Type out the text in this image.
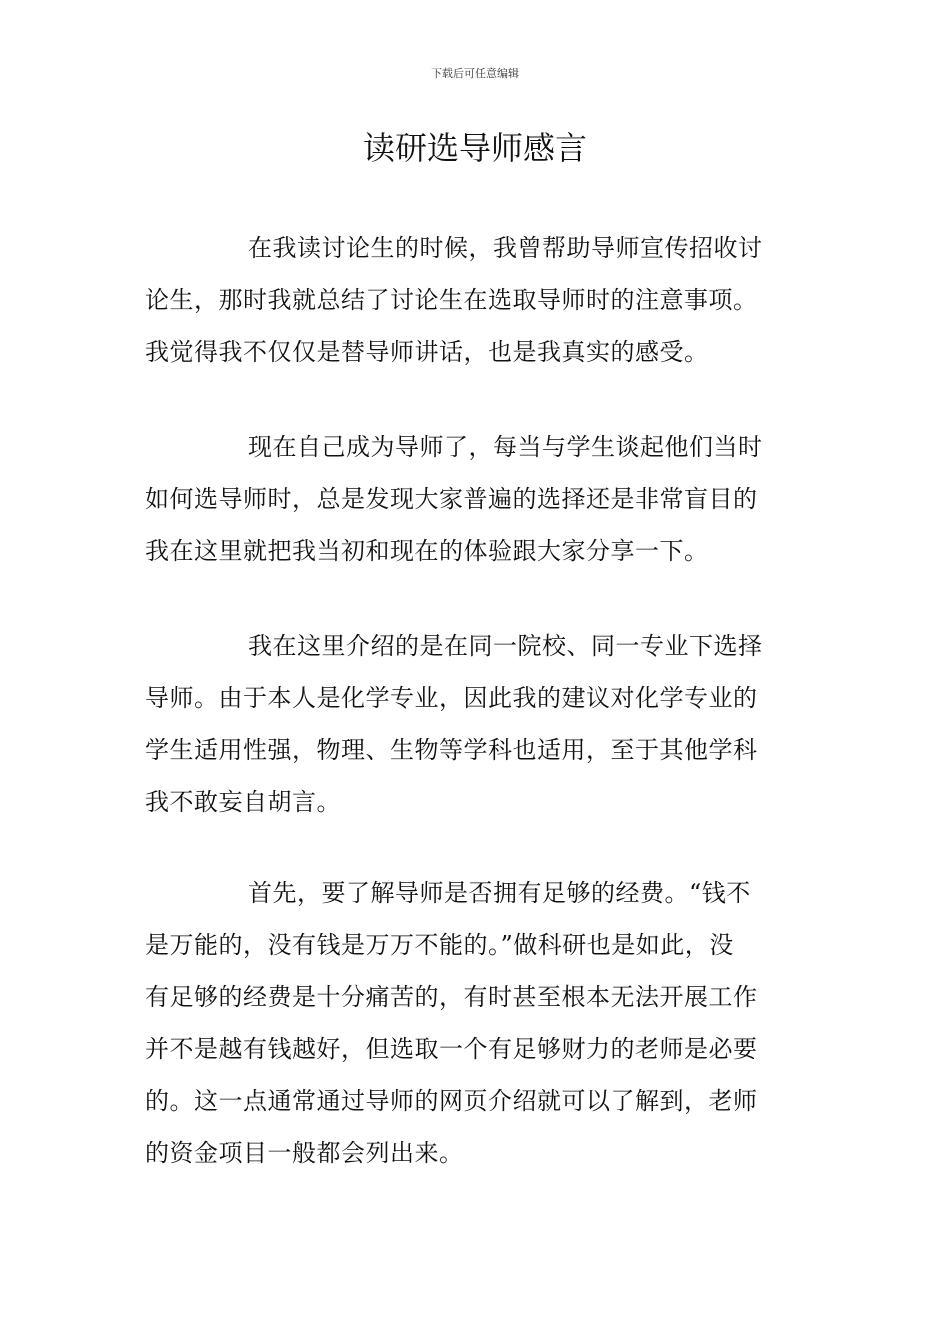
下载后可任意编辑
读研选导师感言
在我读讨论生的时候，我曾帮助导师宣传招收讨
论生，那时我就总结了讨论生在选取导师时的注意事项。
我觉得我不仅仅是替导师讲话，也是我真实的感受。
现在自己成为导师了，每当与学生谈起他们当时
如何选导师时，总是发现大家普遍的选择还是非常盲目的
我在这里就把我当初和现在的体验跟大家分享一下。
我在这里介绍的是在同一院校、同一专业下选择
导师。由于本人是化学专业，因此我的建议对化学专业的
学生适用性强，物理、生物等学科也适用，至于其他学科
我不敢妄自胡言。
首先，要了解导师是否拥有足够的经费。“钱不
是万能的，没有钱是万万不能的。”做科研也是如此，没
有足够的经费是十分痛苦的，有时甚至根本无法开展工作
并不是越有钱越好，但选取一个有足够财力的老师是必要
的。这一点通常通过导师的网页介绍就可以了解到，老师
的资金项目一般都会列出来。
